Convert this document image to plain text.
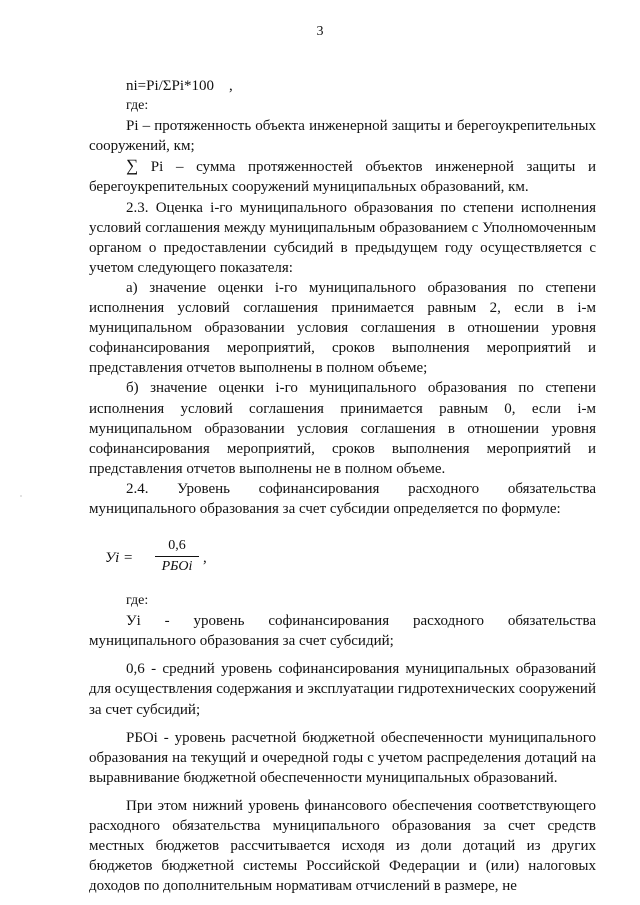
3

ni=Pi/ΣPi*100 ,

где:

Pi – протяженность объекта инженерной защиты и берегоукрепительных сооружений, км;

∑ Pi – сумма протяженностей объектов инженерной защиты и берегоукрепительных сооружений муниципальных образований, км.

2.3. Оценка i-го муниципального образования по степени исполнения условий соглашения между муниципальным образованием с Уполномоченным органом о предоставлении субсидий в предыдущем году осуществляется с учетом следующего показателя:

а) значение оценки i-го муниципального образования по степени исполнения условий соглашения принимается равным 2, если в i-м муниципальном образовании условия соглашения в отношении уровня софинансирования мероприятий, сроков выполнения мероприятий и представления отчетов выполнены в полном объеме;

б) значение оценки i-го муниципального образования по степени исполнения условий соглашения принимается равным 0, если i-м муниципальном образовании условия соглашения в отношении уровня софинансирования мероприятий, сроков выполнения мероприятий и представления отчетов выполнены не в полном объеме.

2.4. Уровень софинансирования расходного обязательства муниципального образования за счет субсидии определяется по формуле:

Уi =
0,6
РБОi
,

где:

Уi - уровень софинансирования расходного обязательства муниципального образования за счет субсидий;

0,6 - средний уровень софинансирования муниципальных образований для осуществления содержания и эксплуатации гидротехнических сооружений за счет субсидий;

РБОi - уровень расчетной бюджетной обеспеченности муниципального образования на текущий и очередной годы с учетом распределения дотаций на выравнивание бюджетной обеспеченности муниципальных образований.

При этом нижний уровень финансового обеспечения соответствующего расходного обязательства муниципального образования за счет средств местных бюджетов рассчитывается исходя из доли дотаций из других бюджетов бюджетной системы Российской Федерации и (или) налоговых доходов по дополнительным нормативам отчислений в размере, не
